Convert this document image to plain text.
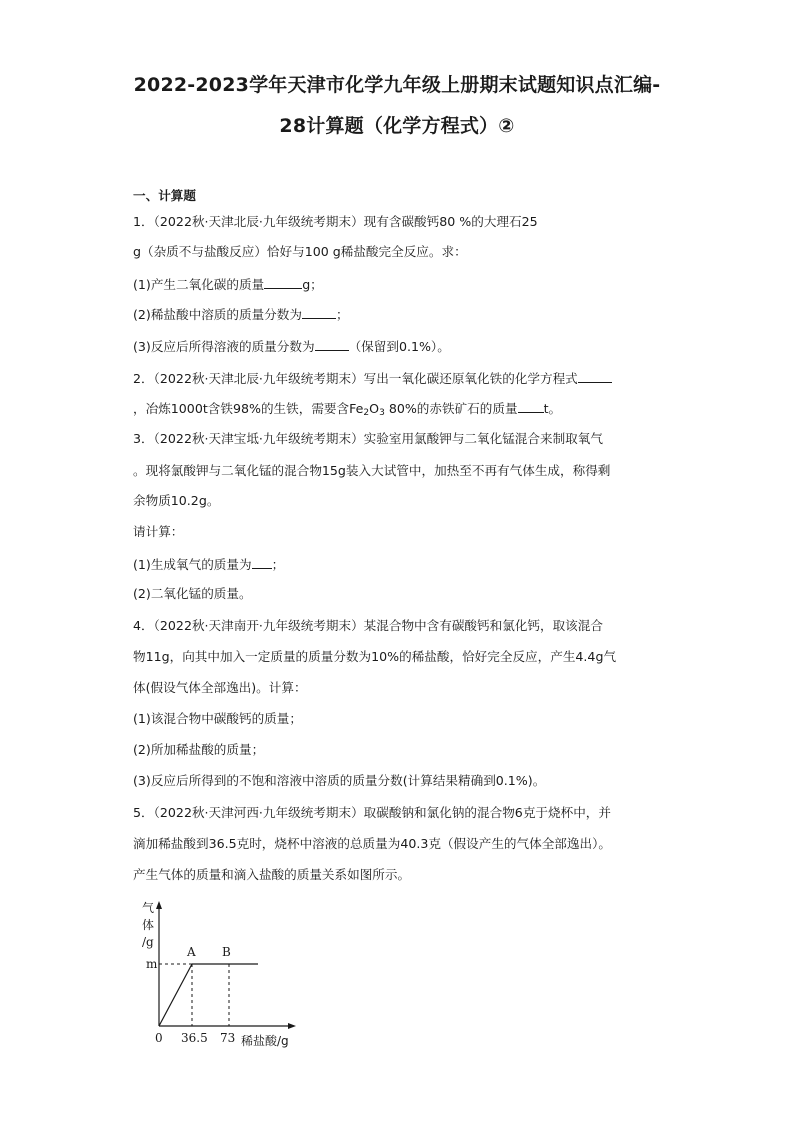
2022-2023学年天津市化学九年级上册期末试题知识点汇编-
28计算题（化学方程式）②
一、计算题
1．（2022秋·天津北辰·九年级统考期末）现有含碳酸钙80 %的大理石25
g（杂质不与盐酸反应）恰好与100 g稀盐酸完全反应。求：
(1)产生二氧化碳的质量	g；
(2)稀盐酸中溶质的质量分数为	；
(3)反应后所得溶液的质量分数为	（保留到0.1%）。
2．（2022秋·天津北辰·九年级统考期末）写出一氧化碳还原氧化铁的化学方程式
，冶炼1000t含铁98%的生铁，需要含$Fe_2O_3$ 80%的赤铁矿石的质量 t。
3．（2022秋·天津宝坻·九年级统考期末）实验室用氯酸钾与二氧化锰混合来制取氧气
。现将氯酸钾与二氧化锰的混合物15g装入大试管中，加热至不再有气体生成，称得剩
余物质10.2g。
请计算：
(1)生成氧气的质量为 ；
(2)二氧化锰的质量。
4．（2022秋·天津南开·九年级统考期末）某混合物中含有碳酸钙和氯化钙，取该混合
物11g，向其中加入一定质量的质量分数为10%的稀盐酸，恰好完全反应，产生4.4g气
体(假设气体全部逸出)。计算：
(1)该混合物中碳酸钙的质量；
(2)所加稀盐酸的质量；
(3)反应后所得到的不饱和溶液中溶质的质量分数(计算结果精确到0.1%)。
5．（2022秋·天津河西·九年级统考期末）取碳酸钠和氯化钠的混合物6克于烧杯中，并
滴加稀盐酸到36.5克时，烧杯中溶液的总质量为40.3克（假设产生的气体全部逸出）。
产生气体的质量和滴入盐酸的质量关系如图所示。
气
体
/g
A B
m
0 36.5 73 稀盐酸/g
